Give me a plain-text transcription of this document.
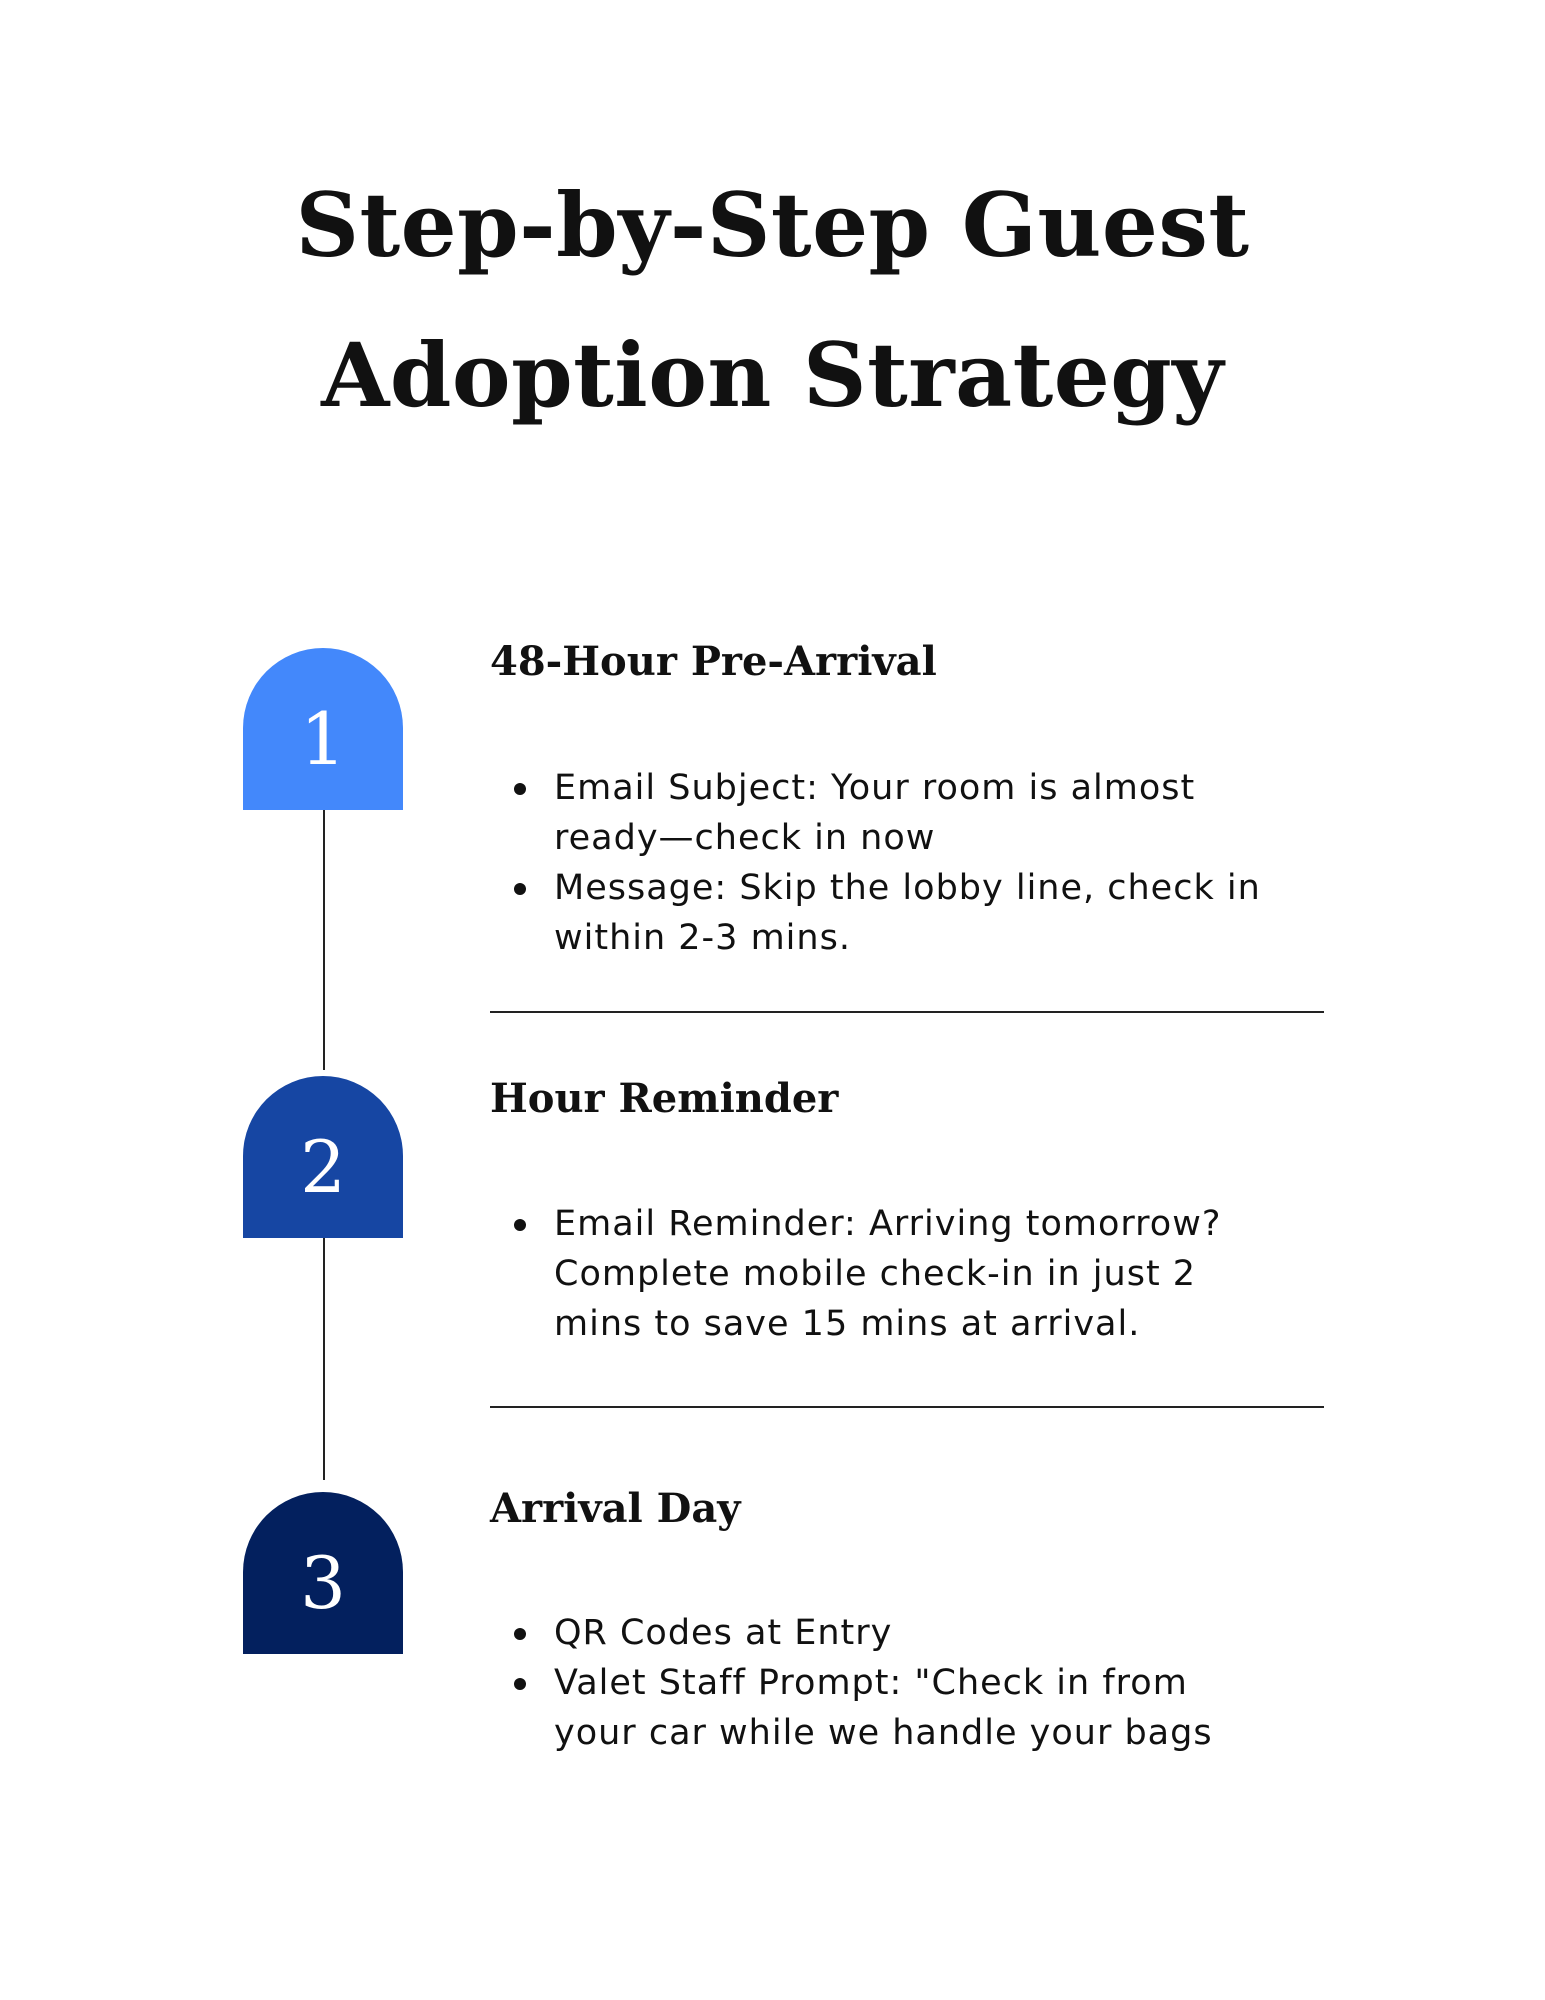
Step-by-Step Guest
Adoption Strategy
1
48-Hour Pre-Arrival
Email Subject: Your room is almost
ready—check in now
Message: Skip the lobby line, check in
within 2-3 mins.
2
Hour Reminder
Email Reminder: Arriving tomorrow?
Complete mobile check-in in just 2
mins to save 15 mins at arrival.
3
Arrival Day
QR Codes at Entry
Valet Staff Prompt: "Check in from
your car while we handle your bags
